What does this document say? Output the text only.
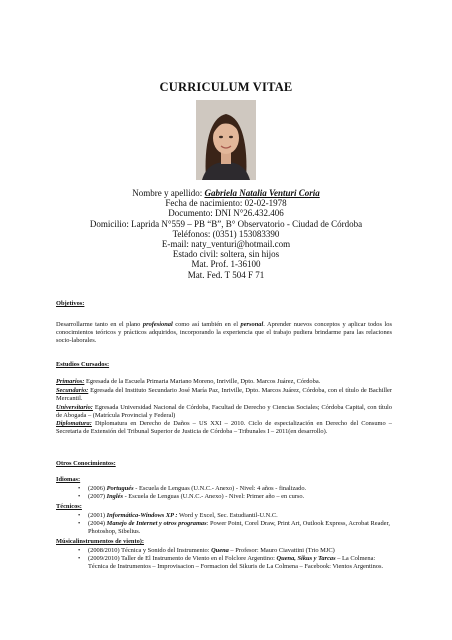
CURRICULUM VITAE
Nombre y apellido: Gabriela Natalia Venturi Coria
Fecha de nacimiento: 02-02-1978
Documento: DNI N°26.432.406
Domicilio: Laprida N°559 – PB “B”, B° Observatorio - Ciudad de Córdoba
Teléfonos: (0351) 153083390
E-mail: naty_venturi@hotmail.com
Estado civil: soltera, sin hijos
Mat. Prof. 1-36100
Mat. Fed. T 504 F 71
Objetivos:
Desarrollarme tanto en el plano profesional como así también en el personal. Aprender nuevos conceptos y aplicar todos los conocimientos teóricos y prácticos adquiridos, incorporando la experiencia que el trabajo pudiera brindarme para las relaciones socio-laborales.
Estudios Cursados:
Primarios: Egresada de la Escuela Primaria Mariano Moreno, Inriville, Dpto. Marcos Juárez, Córdoba.
Secundario: Egresada del Instituto Secundario José María Paz, Inriville, Dpto. Marcos Juárez, Córdoba, con el título de Bachiller Mercantil.
Universitario: Egresada Universidad Nacional de Córdoba, Facultad de Derecho y Ciencias Sociales; Córdoba Capital, con título de Abogada – (Matrícula Provincial y Federal)
Diplomatura: Diplomatura en Derecho de Daños – US XXI – 2010. Ciclo de especialización en Derecho del Consumo – Secretaria de Extensión del Tribunal Superior de Justicia de Córdoba – Tribunales I – 2011(en desarrollo).
Otros Conocimientos:
Idiomas:
• (2006) Portugués - Escuela de Lenguas (U.N.C.- Anexo) - Nivel: 4 años - finalizado.
• (2007) Inglés - Escuela de Lenguas (U.N.C.- Anexo) - Nivel: Primer año – en curso.
Técnicos:
• (2001) Informática-Windows XP : Word y Excel, Sec. Estudiantil-U.N.C.
• (2004) Manejo de Internet y otros programas: Power Point, Corel Draw, Print Art, Outlook Express, Acrobat Reader, Photoshop, Sibelius.
Músicalinstrumentos de viento):
• (2008/2010) Técnica y Sonido del Instrumento: Quena – Profesor: Mauro Ciavattini (Trio MJC)
• (2009/2010) Taller de El Instrumento de Viento en el Folclore Argentino: Quena, Sikus y Tarcas – La Colmena: Técnica de Instrumentos – Improvisacion – Formacion del Sikuris de La Colmena – Facebook: Vientos Argentinos.
